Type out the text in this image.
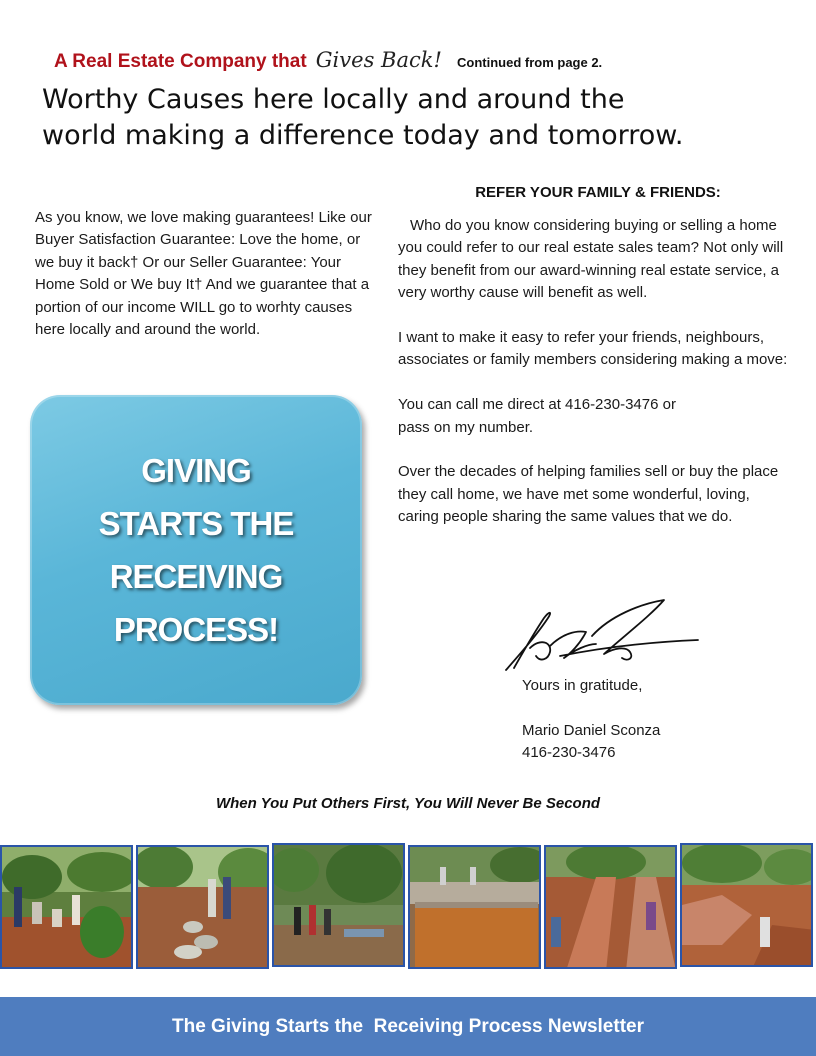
A Real Estate Company that Gives Back! Continued from page 2.
Worthy Causes here locally and around the
world making a difference today and tomorrow.
As you know, we love making guarantees! Like our Buyer Satisfaction Guarantee: Love the home, or we buy it back† Or our Seller Guarantee: Your Home Sold or We buy It† And we guarantee that a portion of our income WILL go to worhty causes here locally and around the world.
GIVING
STARTS THE
RECEIVING
PROCESS!
REFER YOUR FAMILY & FRIENDS:

Who do you know considering buying or selling a home you could refer to our real estate sales team? Not only will they benefit from our award-winning real estate service, a very worthy cause will benefit as well.

I want to make it easy to refer your friends, neighbours, associates or family members considering making a move:

You can call me direct at 416-230-3476 or
pass on my number.

Over the decades of helping families sell or buy the place they call home, we have met some wonderful, loving, caring people sharing the same values that we do.

Yours in gratitude,
Mario Daniel Sconza
416-230-3476
When You Put Others First, You Will Never Be Second
The Giving Starts the  Receiving Process Newsletter
